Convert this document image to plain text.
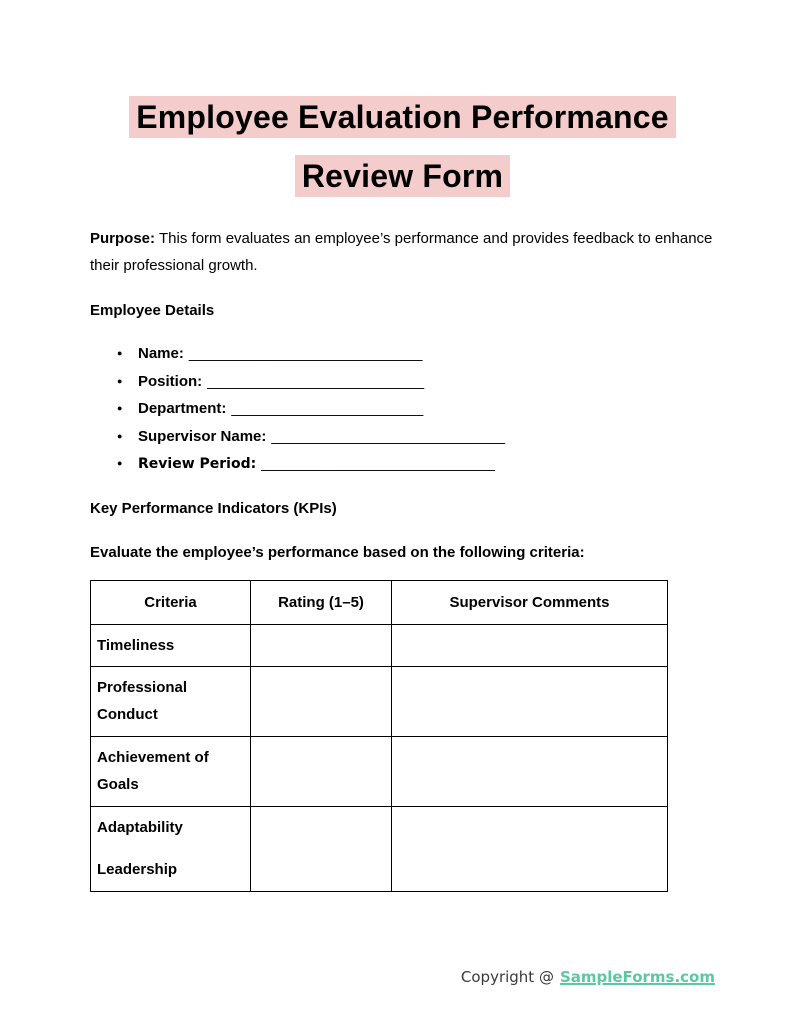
Employee Evaluation Performance
Review Form

Purpose: This form evaluates an employee’s performance and provides feedback to enhance their professional growth.

Employee Details

● Name: ____________________________
● Position: __________________________
● Department: _______________________
● Supervisor Name: ____________________________
● Review Period: ____________________________

Key Performance Indicators (KPIs)

Evaluate the employee’s performance based on the following criteria:

Criteria	Rating (1–5)	Supervisor Comments
Timeliness		
Professional Conduct		
Achievement of Goals		

Adaptability
Leadership		

Copyright @ SampleForms.com
